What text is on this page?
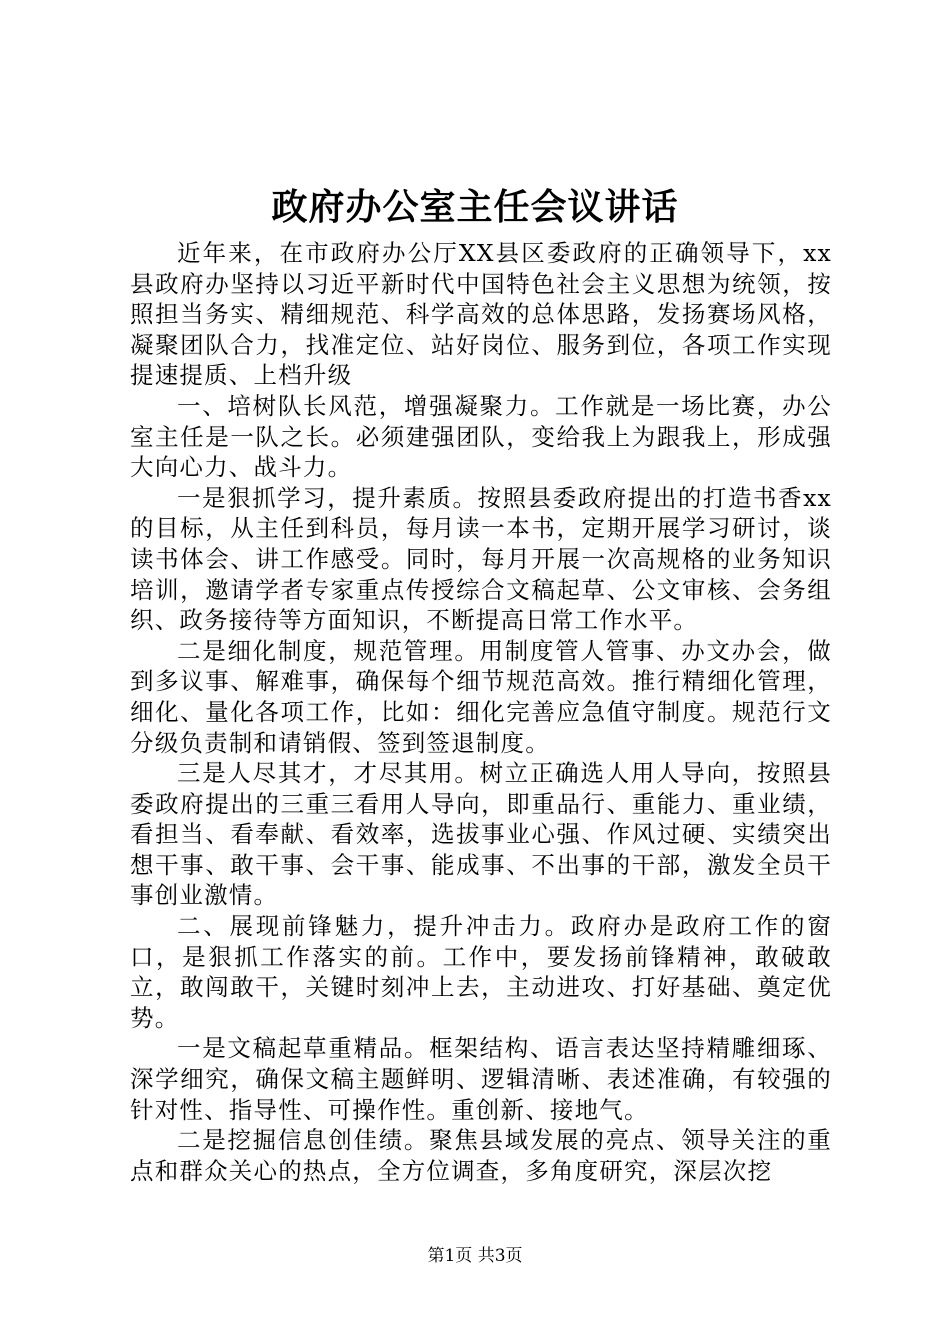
政府办公室主任会议讲话

近年来，在市政府办公厅XX县区委政府的正确领导下，xx县政府办坚持以习近平新时代中国特色社会主义思想为统领，按照担当务实、精细规范、科学高效的总体思路，发扬赛场风格，凝聚团队合力，找准定位、站好岗位、服务到位，各项工作实现提速提质、上档升级

一、培树队长风范，增强凝聚力。工作就是一场比赛，办公室主任是一队之长。必须建强团队，变给我上为跟我上，形成强大向心力、战斗力。

一是狠抓学习，提升素质。按照县委政府提出的打造书香xx的目标，从主任到科员，每月读一本书，定期开展学习研讨，谈读书体会、讲工作感受。同时，每月开展一次高规格的业务知识培训，邀请学者专家重点传授综合文稿起草、公文审核、会务组织、政务接待等方面知识，不断提高日常工作水平。

二是细化制度，规范管理。用制度管人管事、办文办会，做到多议事、解难事，确保每个细节规范高效。推行精细化管理，细化、量化各项工作，比如：细化完善应急值守制度。规范行文分级负责制和请销假、签到签退制度。

三是人尽其才，才尽其用。树立正确选人用人导向，按照县委政府提出的三重三看用人导向，即重品行、重能力、重业绩，看担当、看奉献、看效率，选拔事业心强、作风过硬、实绩突出想干事、敢干事、会干事、能成事、不出事的干部，激发全员干事创业激情。

二、展现前锋魅力，提升冲击力。政府办是政府工作的窗口，是狠抓工作落实的前。工作中，要发扬前锋精神，敢破敢立，敢闯敢干，关键时刻冲上去，主动进攻、打好基础、奠定优势。

一是文稿起草重精品。框架结构、语言表达坚持精雕细琢、深学细究，确保文稿主题鲜明、逻辑清晰、表述准确，有较强的针对性、指导性、可操作性。重创新、接地气。

二是挖掘信息创佳绩。聚焦县域发展的亮点、领导关注的重点和群众关心的热点，全方位调查，多角度研究，深层次挖

第1页 共3页
